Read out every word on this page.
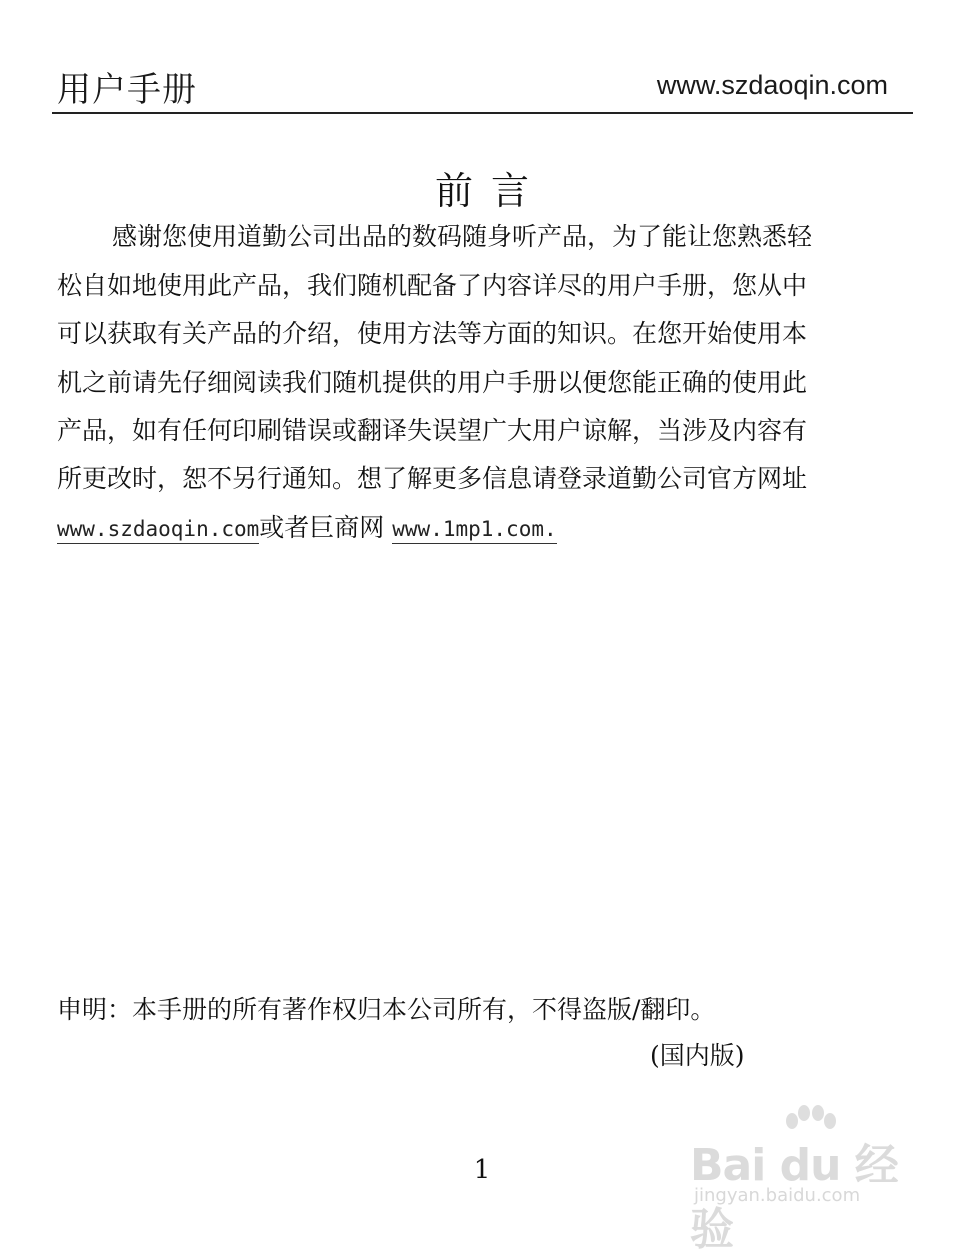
用户手册	www.szdaoqin.com
前言
感谢您使用道勤公司出品的数码随身听产品，为了能让您熟悉轻
松自如地使用此产品，我们随机配备了内容详尽的用户手册，您从中
可以获取有关产品的介绍，使用方法等方面的知识。在您开始使用本
机之前请先仔细阅读我们随机提供的用户手册以便您能正确的使用此
产品，如有任何印刷错误或翻译失误望广大用户谅解，当涉及内容有
所更改时，恕不另行通知。想了解更多信息请登录道勤公司官方网址
www.szdaoqin.com或者巨商网 www.1mp1.com.
申明：本手册的所有著作权归本公司所有，不得盗版/翻印。
(国内版)
1	Bai du 经验
jingyan.baidu.com
